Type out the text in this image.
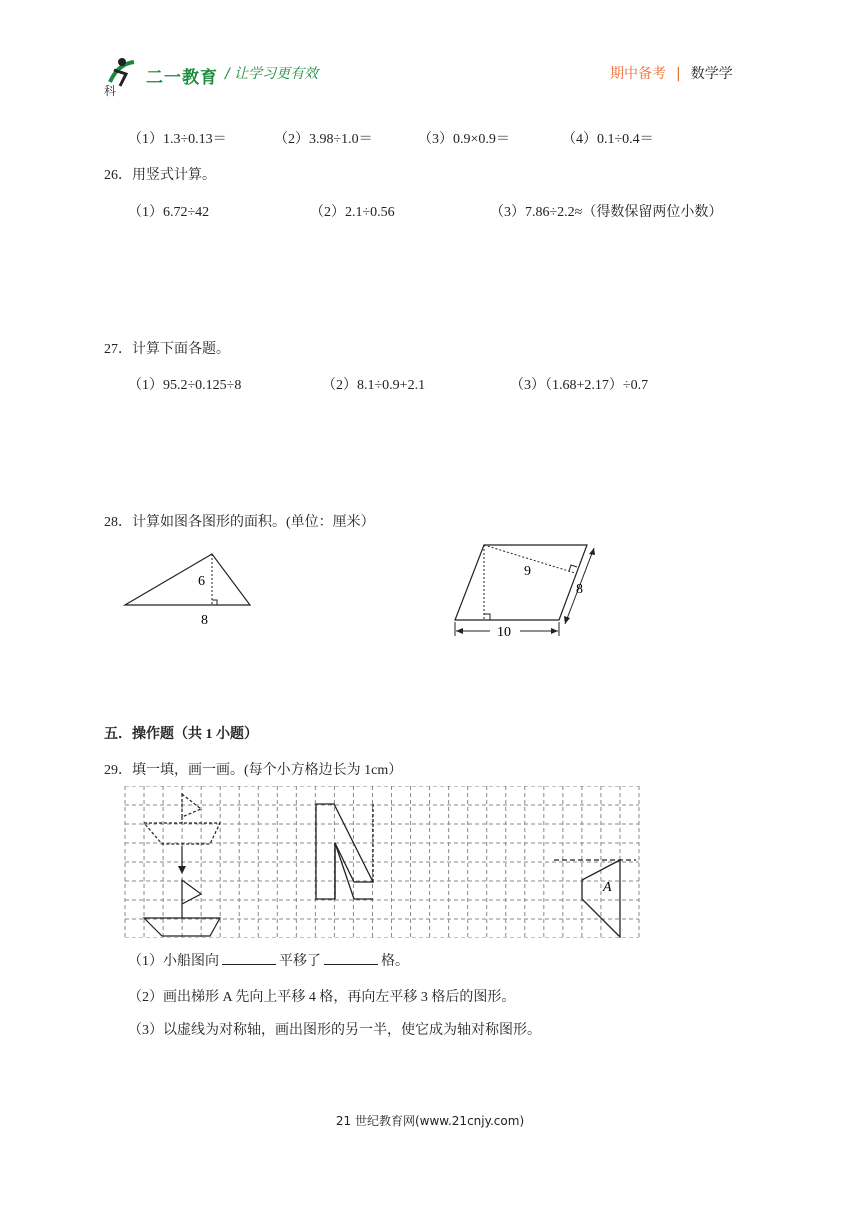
二一教育
科
/ 让学习更有效	期中备考 | 数学学
（1）1.3÷0.13＝	（2）3.98÷1.0＝	（3）0.9×0.9＝	（4）0.1÷0.4＝
26．用竖式计算。
（1）6.72÷42	（2）2.1÷0.56	（3）7.86÷2.2≈（得数保留两位小数）
27．计算下面各题。
（1）95.2÷0.125÷8	（2）8.1÷0.9+2.1	（3）（1.68+2.17）÷0.7
28．计算如图各图形的面积。(单位：厘米）
6
8
9
8
10
五．操作题（共 1 小题）
29．填一填，画一画。(每个小方格边长为 1cm）
A
（1）小船图向	平移了	格。
（2）画出梯形 A 先向上平移 4 格，再向左平移 3 格后的图形。
（3）以虚线为对称轴，画出图形的另一半，使它成为轴对称图形。
21 世纪教育网(www.21cnjy.com)
